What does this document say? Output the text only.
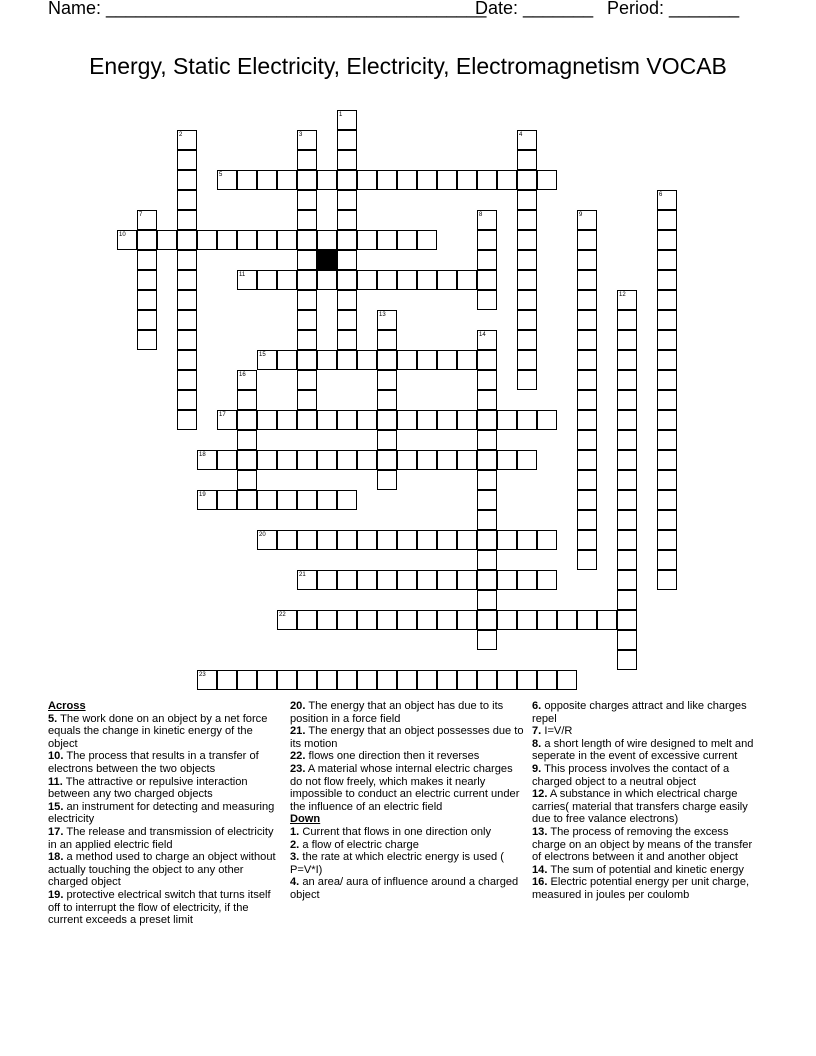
Name: ______________________________________
Date: _______ Period: _______
Energy, Static Electricity, Electricity, Electromagnetism VOCAB
1
2	3	4
5
6
7	8	9
10
11
12
13
14
15
16
17
18
19
20
21
22
23

Across

5. The work done on an object by a net force equals the change in kinetic energy of the object

10. The process that results in a transfer of electrons between the two objects

11. The attractive or repulsive interaction between any two charged objects

15. an instrument for detecting and measuring electricity

17. The release and transmission of electricity in an applied electric field

18. a method used to charge an object without actually touching the object to any other charged object

19. protective electrical switch that turns itself off to interrupt the flow of electricity, if the current exceeds a preset limit

20. The energy that an object has due to its position in a force field

21. The energy that an object possesses due to its motion

22. flows one direction then it reverses

23. A material whose internal electric charges do not flow freely, which makes it nearly impossible to conduct an electric current under the influence of an electric field

Down

1. Current that flows in one direction only

2. a flow of electric charge

3. the rate at which electric energy is used ( P=V*I)

4. an area/ aura of influence around a charged object

6. opposite charges attract and like charges repel

7. I=V/R

8. a short length of wire designed to melt and seperate in the event of excessive current

9. This process involves the contact of a charged object to a neutral object

12. A substance in which electrical charge carries( material that transfers charge easily due to free valance electrons)

13. The process of removing the excess charge on an object by means of the transfer of electrons between it and another object

14. The sum of potential and kinetic energy

16. Electric potential energy per unit charge, measured in joules per coulomb
